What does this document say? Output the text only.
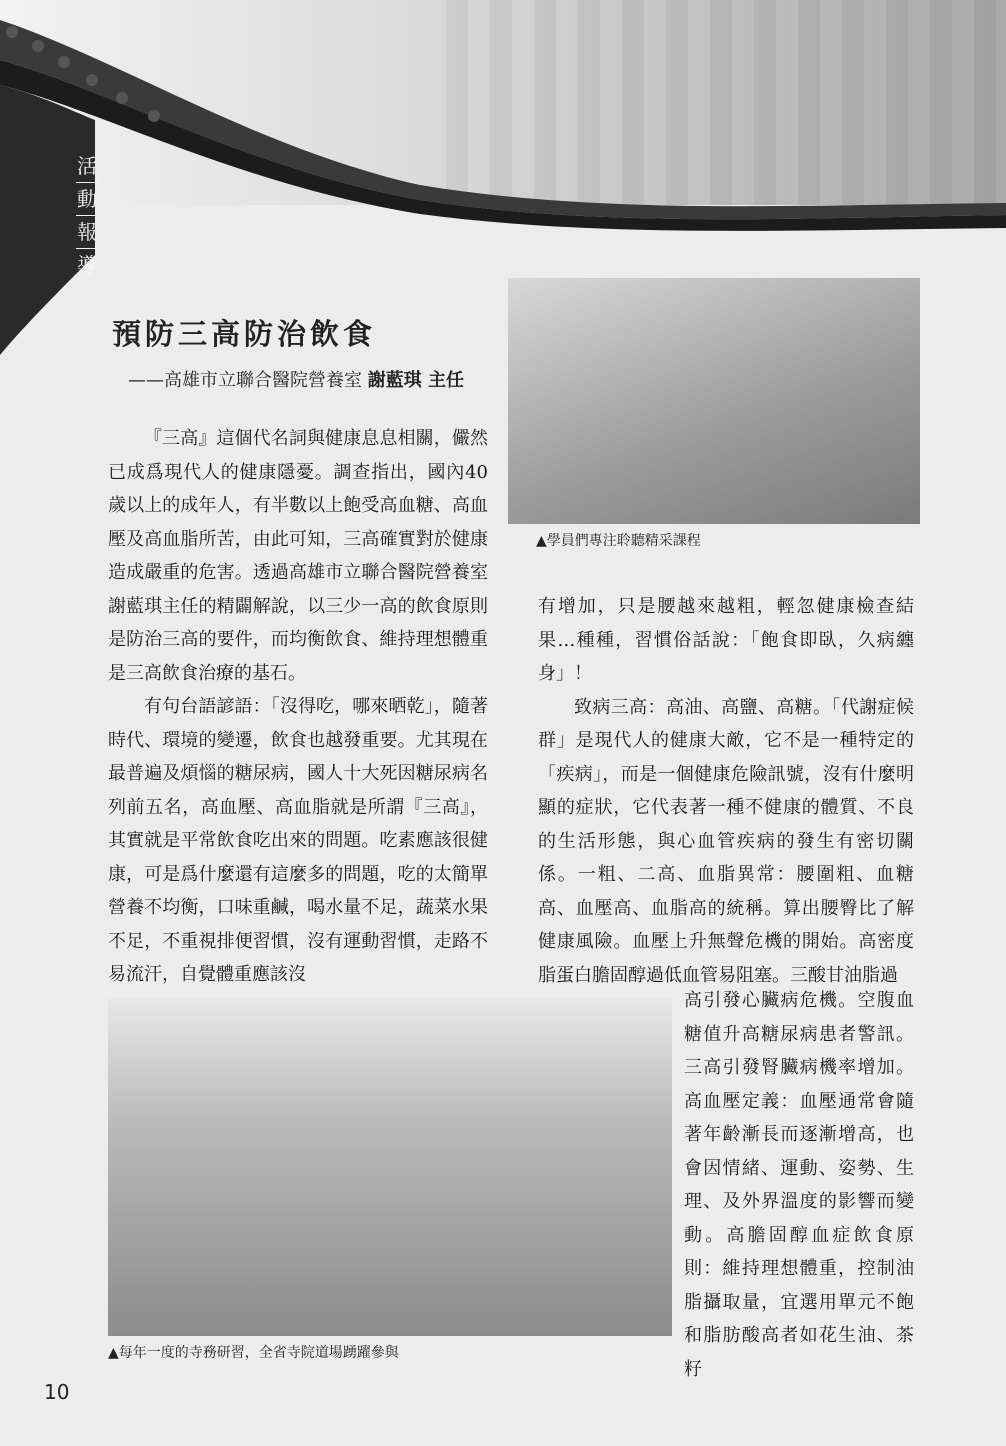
活
動
報
導
預防三高防治飲食
——高雄市立聯合醫院營養室 謝藍琪 主任

『三高』這個代名詞與健康息息相關，儼然已成爲現代人的健康隱憂。調查指出，國內40歲以上的成年人，有半數以上飽受高血糖、高血壓及高血脂所苦，由此可知，三高確實對於健康造成嚴重的危害。透過高雄市立聯合醫院營養室謝藍琪主任的精闢解說，以三少一高的飲食原則是防治三高的要件，而均衡飲食、維持理想體重是三高飲食治療的基石。

有句台語諺語：「沒得吃，哪來晒乾」，隨著時代、環境的變遷，飲食也越發重要。尤其現在最普遍及煩惱的糖尿病，國人十大死因糖尿病名列前五名，高血壓、高血脂就是所謂『三高』，其實就是平常飲食吃出來的問題。吃素應該很健康，可是爲什麼還有這麼多的問題，吃的太簡單營養不均衡，口味重鹹，喝水量不足，蔬菜水果不足，不重視排便習慣，沒有運動習慣，走路不易流汗，自覺體重應該沒

▲學員們專注聆聽精采課程

有增加，只是腰越來越粗，輕忽健康檢查結果…種種，習慣俗話說：「飽食即臥，久病纏身」！

致病三高：高油、高鹽、高糖。「代謝症候群」是現代人的健康大敵，它不是一種特定的「疾病」，而是一個健康危險訊號，沒有什麼明顯的症狀，它代表著一種不健康的體質、不良的生活形態，與心血管疾病的發生有密切關係。一粗、二高、血脂異常：腰圍粗、血糖高、血壓高、血脂高的統稱。算出腰臀比了解健康風險。血壓上升無聲危機的開始。高密度脂蛋白膽固醇過低血管易阻塞。三酸甘油脂過

高引發心臟病危機。空腹血糖值升高糖尿病患者警訊。三高引發腎臟病機率增加。高血壓定義：血壓通常會隨著年齡漸長而逐漸增高，也會因情緒、運動、姿勢、生理、及外界溫度的影響而變動。高膽固醇血症飲食原則：維持理想體重，控制油脂攝取量，宜選用單元不飽和脂肪酸高者如花生油、茶籽

▲每年一度的寺務研習，全省寺院道場踴躍參與
10
